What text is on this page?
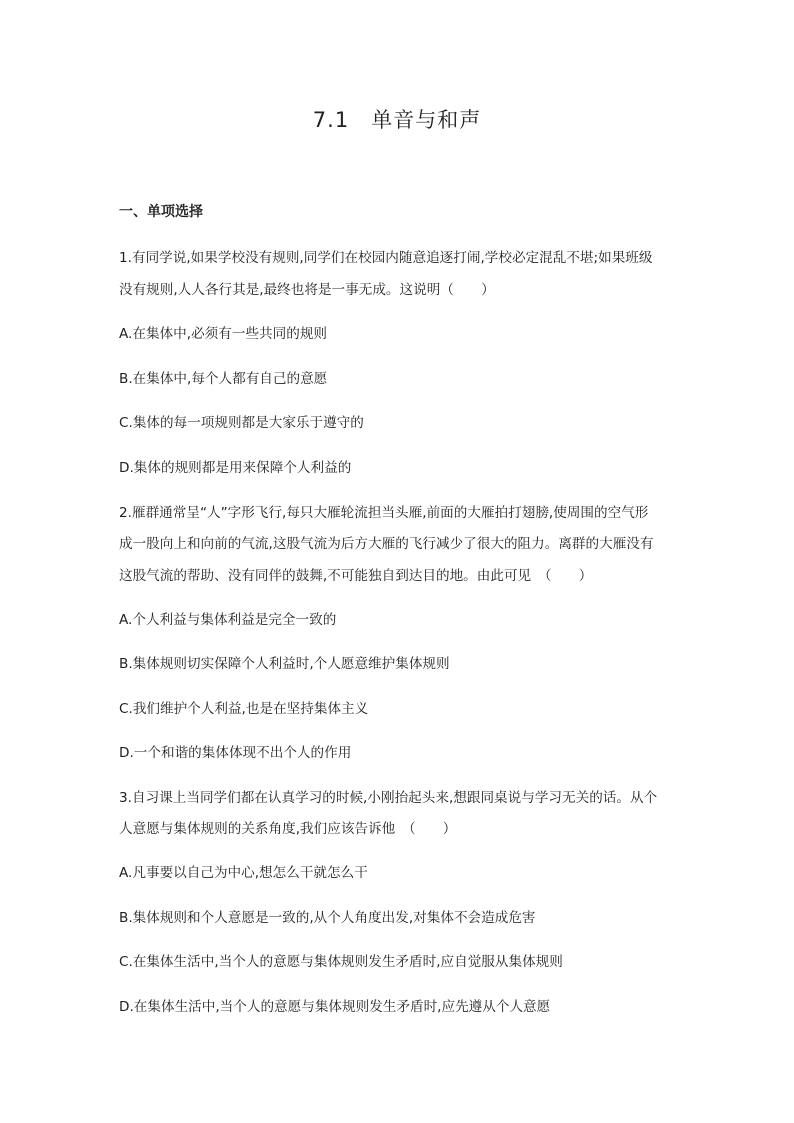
7.1　单音与和声
一、单项选择
1.有同学说,如果学校没有规则,同学们在校园内随意追逐打闹,学校必定混乱不堪;如果班级
没有规则,人人各行其是,最终也将是一事无成。这说明（　　）
A.在集体中,必须有一些共同的规则
B.在集体中,每个人都有自己的意愿
C.集体的每一项规则都是大家乐于遵守的
D.集体的规则都是用来保障个人利益的
2.雁群通常呈“人”字形飞行,每只大雁轮流担当头雁,前面的大雁拍打翅膀,使周围的空气形
成一股向上和向前的气流,这股气流为后方大雁的飞行减少了很大的阻力。离群的大雁没有
这股气流的帮助、没有同伴的鼓舞,不可能独自到达目的地。由此可见　（　　）
A.个人利益与集体利益是完全一致的
B.集体规则切实保障个人利益时,个人愿意维护集体规则
C.我们维护个人利益,也是在坚持集体主义
D.一个和谐的集体体现不出个人的作用
3.自习课上当同学们都在认真学习的时候,小刚抬起头来,想跟同桌说与学习无关的话。从个
人意愿与集体规则的关系角度,我们应该告诉他　（　　）
A.凡事要以自己为中心,想怎么干就怎么干
B.集体规则和个人意愿是一致的,从个人角度出发,对集体不会造成危害
C.在集体生活中,当个人的意愿与集体规则发生矛盾时,应自觉服从集体规则
D.在集体生活中,当个人的意愿与集体规则发生矛盾时,应先遵从个人意愿
